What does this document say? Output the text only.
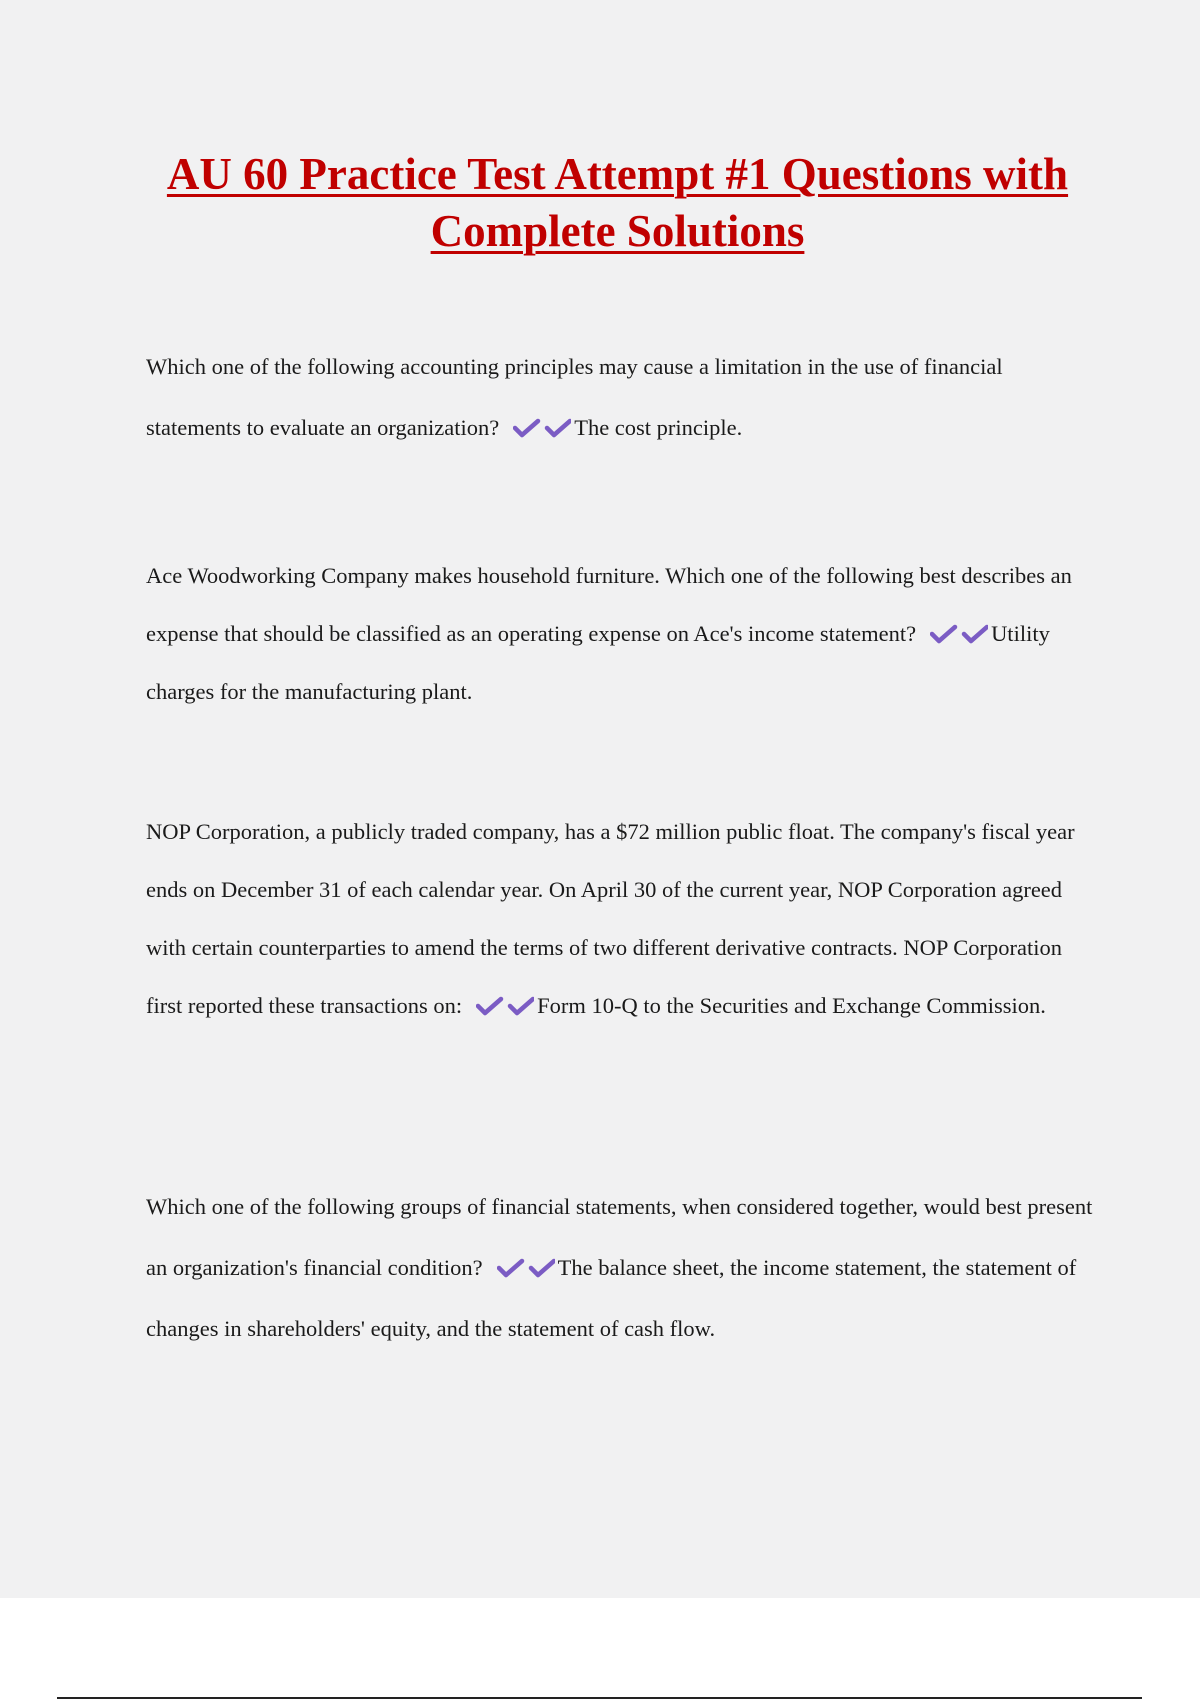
AU 60 Practice Test Attempt #1 Questions with Complete Solutions

Which one of the following accounting principles may cause a limitation in the use of financial statements to evaluate an organization?	The cost principle.

Ace Woodworking Company makes household furniture. Which one of the following best describes an expense that should be classified as an operating expense on Ace's income statement?	Utility charges for the manufacturing plant.

NOP Corporation, a publicly traded company, has a $72 million public float. The company's fiscal year ends on December 31 of each calendar year. On April 30 of the current year, NOP Corporation agreed with certain counterparties to amend the terms of two different derivative contracts. NOP Corporation first reported these transactions on:	Form 10-Q to the Securities and Exchange Commission.

Which one of the following groups of financial statements, when considered together, would best present an organization's financial condition?	The balance sheet, the income statement, the statement of changes in shareholders' equity, and the statement of cash flow.
